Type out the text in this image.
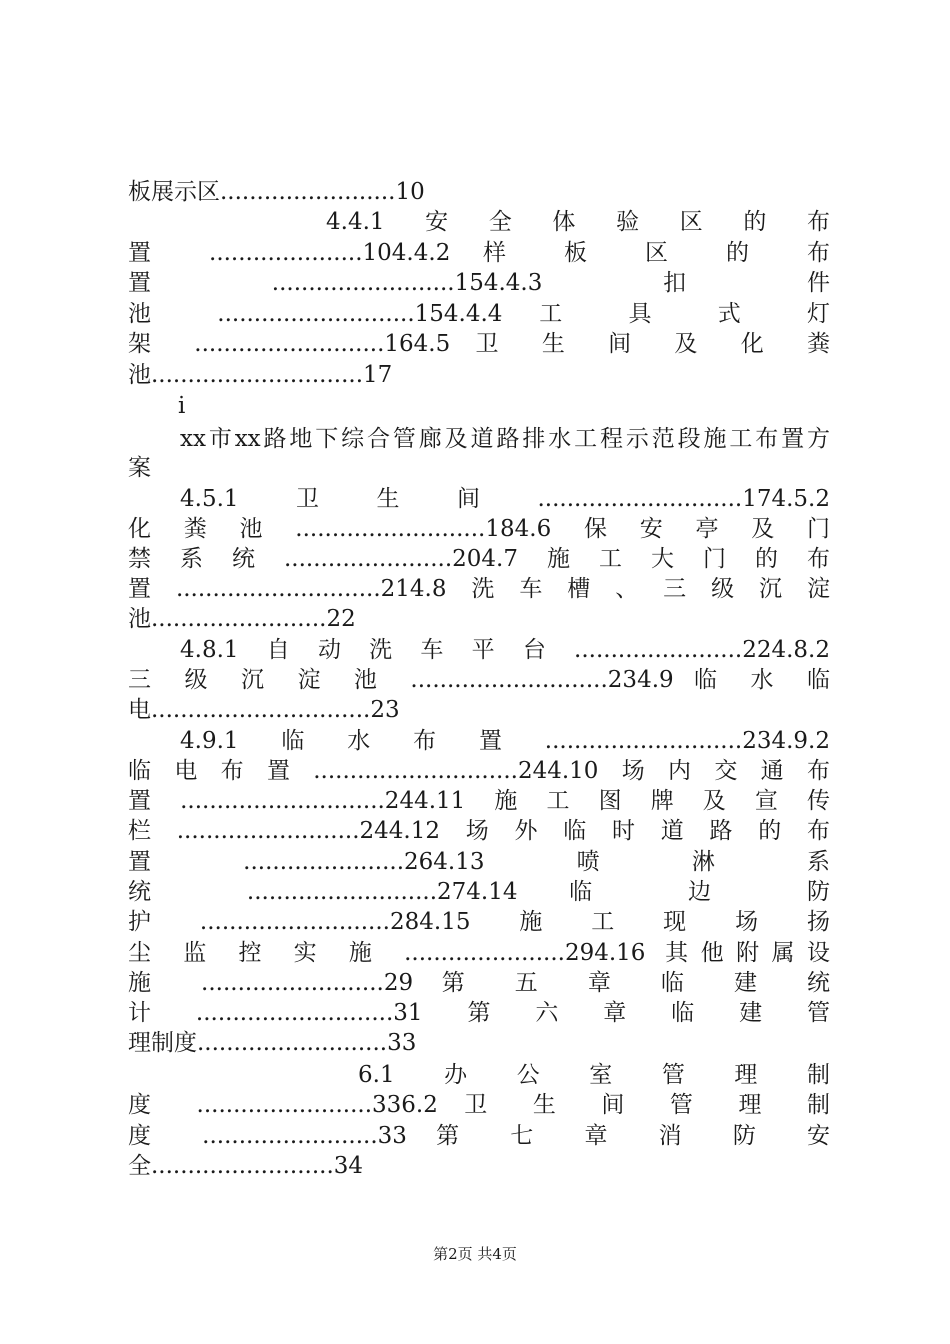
板展示区........................10
4.4.1　安　全　体　验　区　的　布
置 .....................104.4.2 样 板 区 的 布
置　　.........................154.4.3　　扣　　件
池 ...........................154.4.4 工 具 式 灯
架 ..........................164.5 卫 生 间 及 化 粪
池.............................17
i
xx市xx路地下综合管廊及道路排水工程示范段施工布置方
案
4.5.1卫生间............................174.5.2
化粪池..........................184.6保安亭及门
禁系统.......................204.7施工大门的布
置............................214.8洗车槽、三级沉淀
池........................22
4.8.1自动洗车平台.......................224.8.2
三 级 沉 淀 池 ...........................234.9 临 水 临
电..............................23
4.9.1临水布置...........................234.9.2
临电布置............................244.10场内交通布
置............................244.11施工图牌及宣传
栏.........................244.12场外临时道路的布
置　　......................264.13　　喷　　淋　　系
统 ..........................274.14 临 边 防
护..........................284.15施工现场扬
尘 监 控 实 施 ......................294.16 其他附属设
施 .........................29 第 五 章 临 建 统
计...........................31第六章临建管
理制度..........................33
6.1　　办　　公　　室　　管　　理　　制
度 ........................336.2 卫 生 间 管 理 制
度 ........................33 第 七 章 消 防 安
全.........................34
第2页 共4页
